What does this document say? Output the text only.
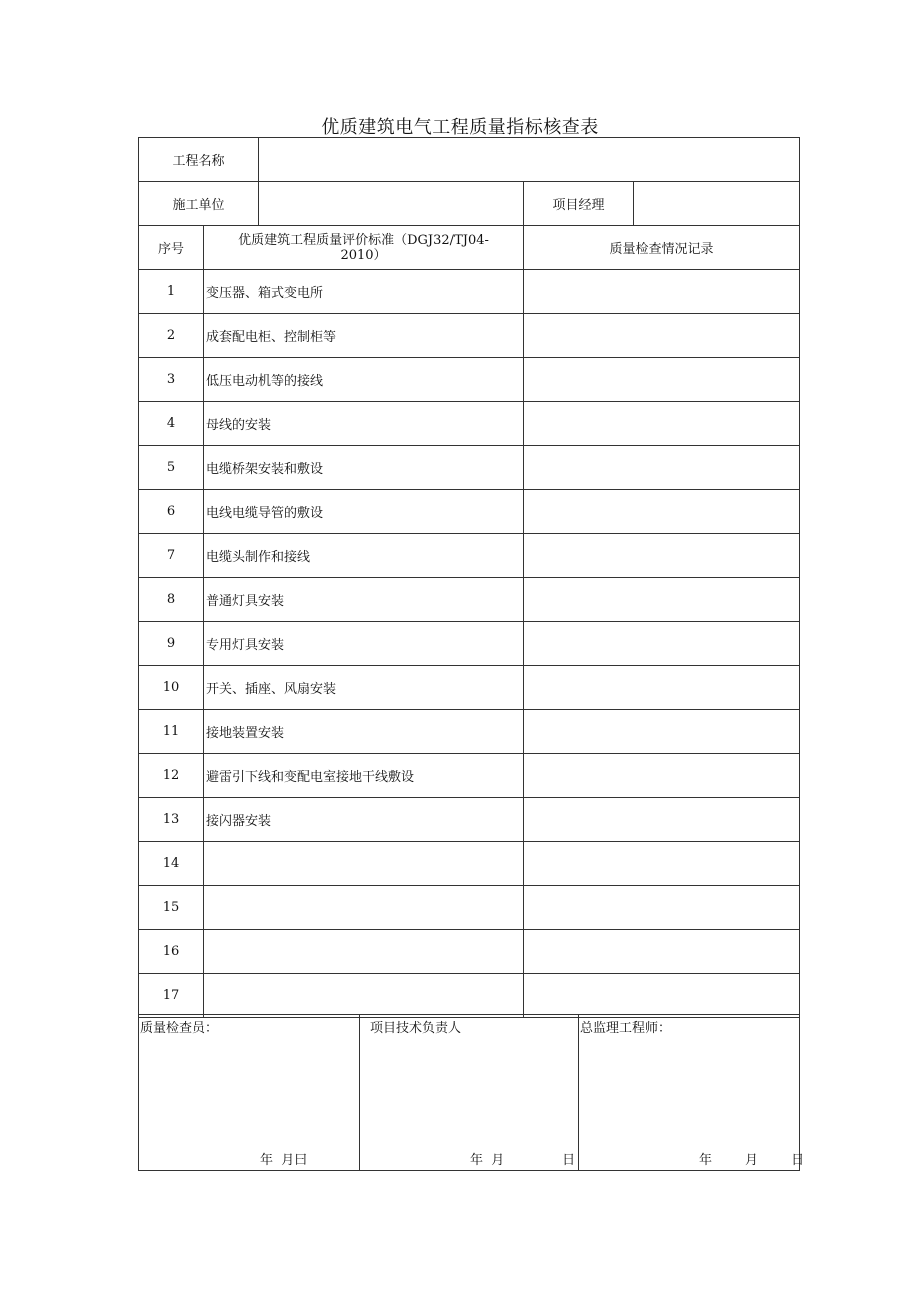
优质建筑电气工程质量指标核查表
工程名称				
施工单位			项目经理	
序号	优质建筑工程质量评价标准（DGJ32/TJ04-
2010）		质量检查情况记录	
1	变压器、箱式变电所			
2	成套配电柜、控制柜等			
3	低压电动机等的接线			
4	母线的安装			
5	电缆桥架安装和敷设			
6	电线电缆导管的敷设			
7	电缆头制作和接线			
8	普通灯具安装			
9	专用灯具安装			
10	开关、插座、风扇安装			
11	接地装置安装			
12	避雷引下线和变配电室接地干线敷设			
13	接闪器安装			
14				
15				
16				
17				
质量检查员：
年  月曰

项目技术负责人
年  月              日

总监理工程师：
年        月        日
